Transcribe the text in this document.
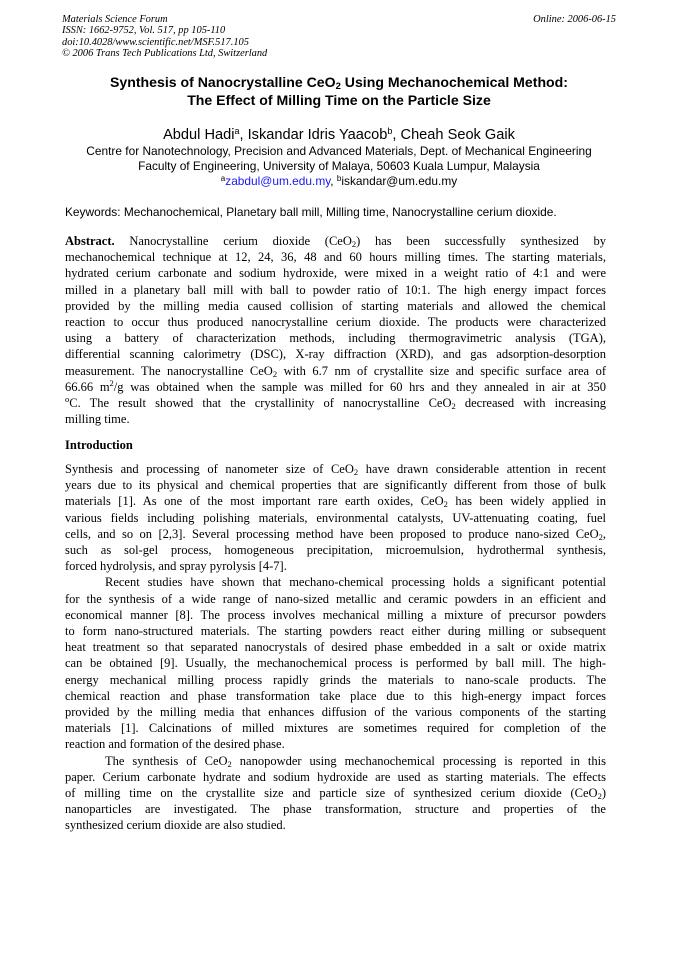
Materials Science Forum
ISSN: 1662-9752, Vol. 517, pp 105-110
doi:10.4028/www.scientific.net/MSF.517.105
© 2006 Trans Tech Publications Ltd, Switzerland
Online: 2006-06-15
Synthesis of Nanocrystalline CeO$_2$ Using Mechanochemical Method:
The Effect of Milling Time on the Particle Size
Abdul Hadi$^a$, Iskandar Idris Yaacob$^b$, Cheah Seok Gaik
Centre for Nanotechnology, Precision and Advanced Materials, Dept. of Mechanical Engineering
Faculty of Engineering, University of Malaya, 50603 Kuala Lumpur, Malaysia
$^a$zabdul@um.edu.my, $^b$iskandar@um.edu.my
Keywords: Mechanochemical, Planetary ball mill, Milling time, Nanocrystalline cerium dioxide.
Abstract. Nanocrystalline cerium dioxide (CeO$_2$) has been successfully synthesized by
mechanochemical technique at 12, 24, 36, 48 and 60 hours milling times. The starting materials,
hydrated cerium carbonate and sodium hydroxide, were mixed in a weight ratio of 4:1 and were
milled in a planetary ball mill with ball to powder ratio of 10:1. The high energy impact forces
provided by the milling media caused collision of starting materials and allowed the chemical
reaction to occur thus produced nanocrystalline cerium dioxide. The products were characterized
using a battery of characterization methods, including thermogravimetric analysis (TGA),
differential scanning calorimetry (DSC), X-ray diffraction (XRD), and gas adsorption-desorption
measurement. The nanocrystalline CeO$_2$ with 6.7 nm of crystallite size and specific surface area of
66.66 $m^2/g$ was obtained when the sample was milled for 60 hrs and they annealed in air at 350
$^o$C. The result showed that the crystallinity of nanocrystalline CeO$_2$ decreased with increasing
milling time.
Introduction
Synthesis and processing of nanometer size of CeO$_2$ have drawn considerable attention in recent
years due to its physical and chemical properties that are significantly different from those of bulk
materials [1]. As one of the most important rare earth oxides, CeO$_2$ has been widely applied in
various fields including polishing materials, environmental catalysts, UV-attenuating coating, fuel
cells, and so on [2,3]. Several processing method have been proposed to produce nano-sized CeO$_2$,
such as sol-gel process, homogeneous precipitation, microemulsion, hydrothermal synthesis,
forced hydrolysis, and spray pyrolysis [4-7].
Recent studies have shown that mechano-chemical processing holds a significant potential
for the synthesis of a wide range of nano-sized metallic and ceramic powders in an efficient and
economical manner [8]. The process involves mechanical milling a mixture of precursor powders
to form nano-structured materials. The starting powders react either during milling or subsequent
heat treatment so that separated nanocrystals of desired phase embedded in a salt or oxide matrix
can be obtained [9]. Usually, the mechanochemical process is performed by ball mill. The high-
energy mechanical milling process rapidly grinds the materials to nano-scale products. The
chemical reaction and phase transformation take place due to this high-energy impact forces
provided by the milling media that enhances diffusion of the various components of the starting
materials [1]. Calcinations of milled mixtures are sometimes required for completion of the
reaction and formation of the desired phase.
The synthesis of CeO$_2$ nanopowder using mechanochemical processing is reported in this
paper. Cerium carbonate hydrate and sodium hydroxide are used as starting materials. The effects
of milling time on the crystallite size and particle size of synthesized cerium dioxide (CeO$_2$)
nanoparticles are investigated. The phase transformation, structure and properties of the
synthesized cerium dioxide are also studied.
